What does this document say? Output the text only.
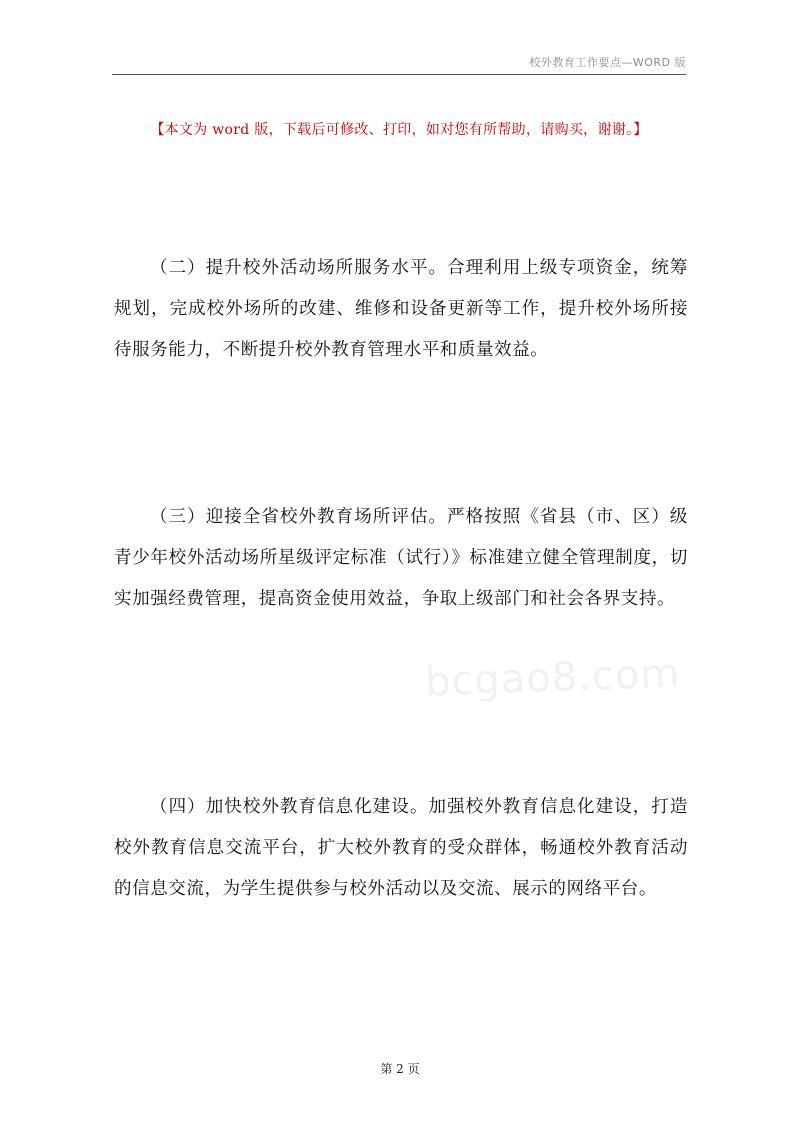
校外教育工作要点—WORD 版
【本文为 word 版，下载后可修改、打印，如对您有所帮助，请购买，谢谢。】
（二）提升校外活动场所服务水平。合理利用上级专项资金，统筹规划，完成校外场所的改建、维修和设备更新等工作，提升校外场所接待服务能力，不断提升校外教育管理水平和质量效益。
（三）迎接全省校外教育场所评估。严格按照《省县（市、区）级青少年校外活动场所星级评定标准（试行）》标准建立健全管理制度，切实加强经费管理，提高资金使用效益，争取上级部门和社会各界支持。
（四）加快校外教育信息化建设。加强校外教育信息化建设，打造校外教育信息交流平台，扩大校外教育的受众群体，畅通校外教育活动的信息交流，为学生提供参与校外活动以及交流、展示的网络平台。
bcgao8.com
第 2 页
